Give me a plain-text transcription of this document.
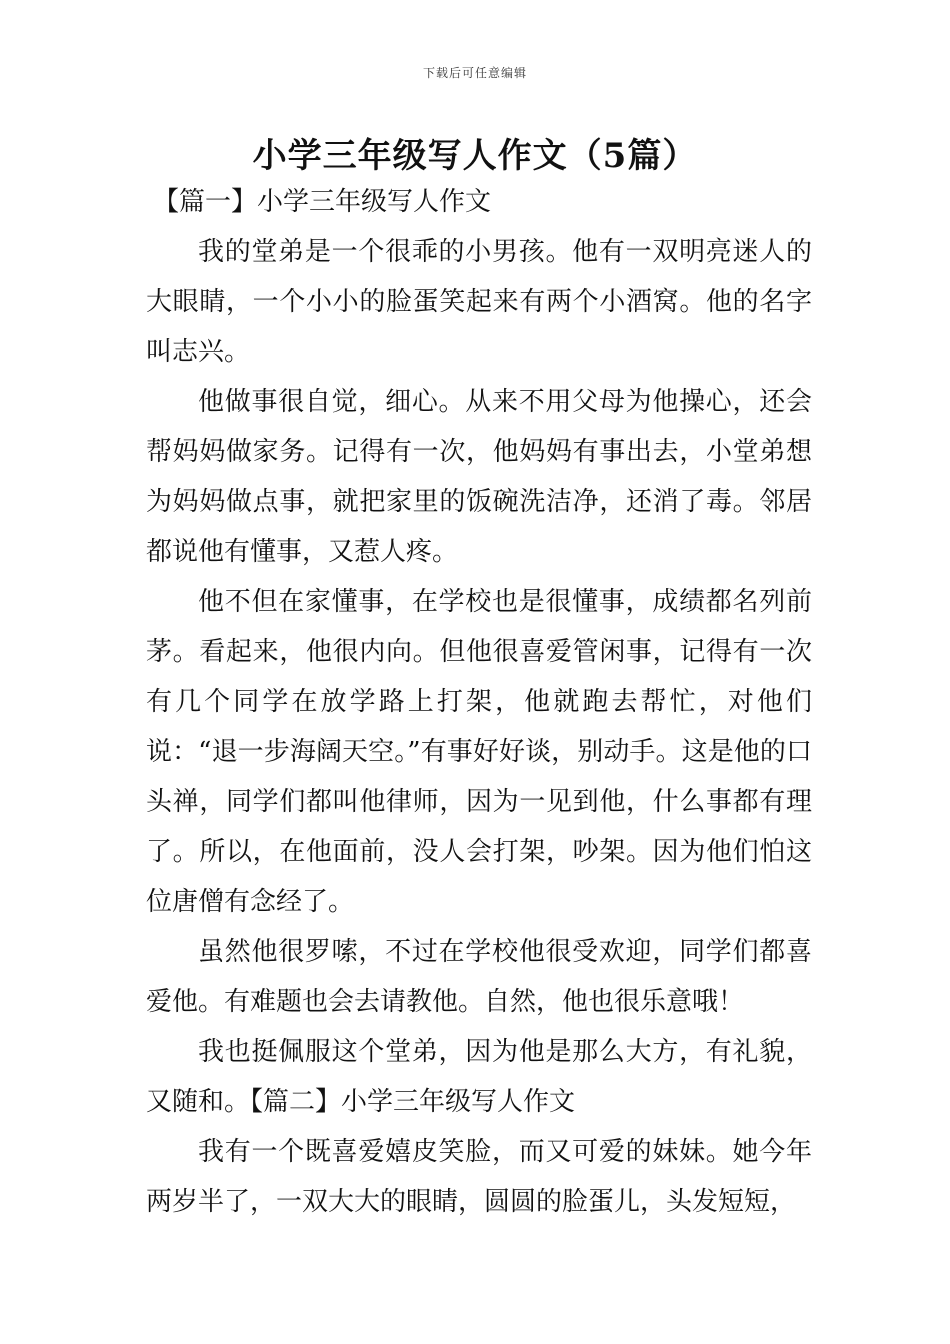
下载后可任意编辑
小学三年级写人作文（5篇）
【篇一】小学三年级写人作文

我的堂弟是一个很乖的小男孩。他有一双明亮迷人的大眼睛，一个小小的脸蛋笑起来有两个小酒窝。他的名字叫志兴。

他做事很自觉，细心。从来不用父母为他操心，还会帮妈妈做家务。记得有一次，他妈妈有事出去，小堂弟想为妈妈做点事，就把家里的饭碗洗洁净，还消了毒。邻居都说他有懂事，又惹人疼。

他不但在家懂事，在学校也是很懂事，成绩都名列前茅。看起来，他很内向。但他很喜爱管闲事，记得有一次有几个同学在放学路上打架，他就跑去帮忙，对他们说：“退一步海阔天空。”有事好好谈，别动手。这是他的口头禅，同学们都叫他律师，因为一见到他，什么事都有理了。所以，在他面前，没人会打架，吵架。因为他们怕这位唐僧有念经了。

虽然他很罗嗦，不过在学校他很受欢迎，同学们都喜爱他。有难题也会去请教他。自然，他也很乐意哦！

我也挺佩服这个堂弟，因为他是那么大方，有礼貌，又随和。【篇二】小学三年级写人作文

我有一个既喜爱嬉皮笑脸，而又可爱的妹妹。她今年两岁半了，一双大大的眼睛，圆圆的脸蛋儿，头发短短，
